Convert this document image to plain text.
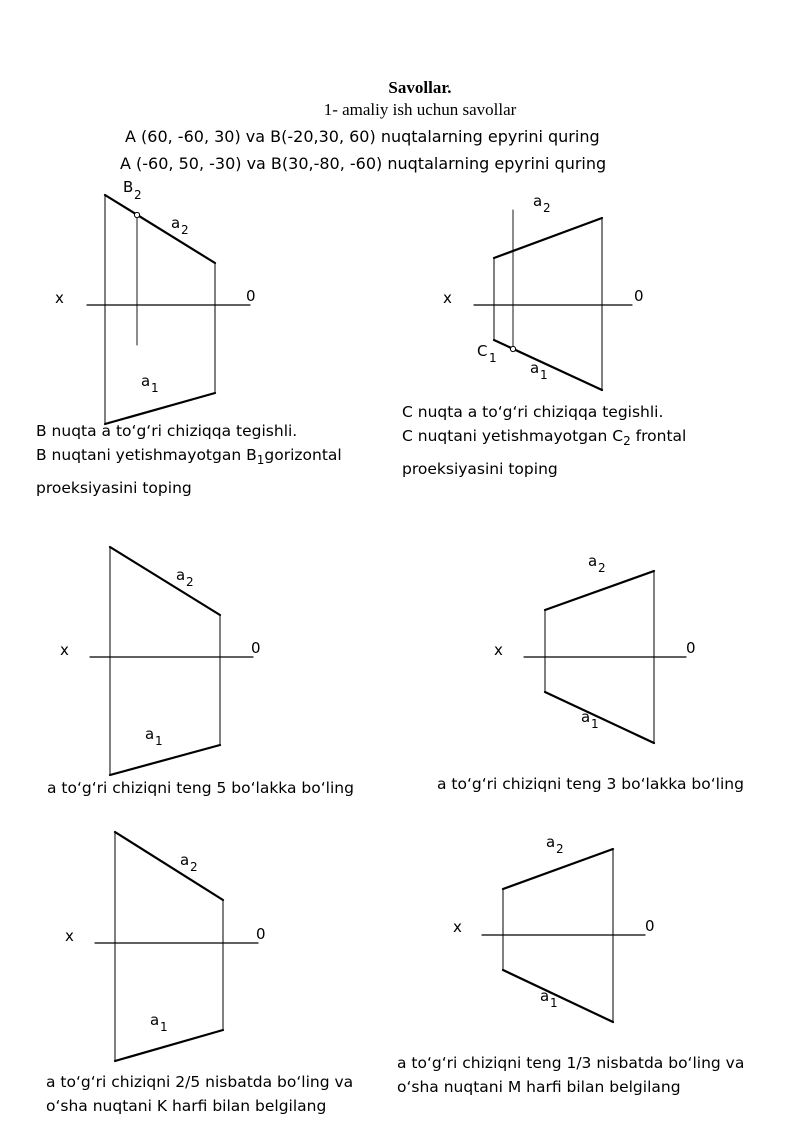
Savollar.
1- amaliy ish uchun savollar
A (60, -60, 30) va B(-20,30, 60) nuqtalarning epyrini quring
A (-60, 50, -30) va B(30,-80, -60) nuqtalarning epyrini quring
x	0
B 2
a 2
a 1
x	0
a 2
C 1
a 1
x	0
a 2
a 1
x	0
a 2
a 1
x	0
a 2
a 1
x	0
a 2
a 1
B nuqta a to‘g‘ri chiziqqa tegishli.
B nuqtani yetishmayotgan $B_1gorizontal$
proeksiyasini toping
C nuqta a to‘g‘ri chiziqqa tegishli.
C nuqtani yetishmayotgan $C_2$ frontal
proeksiyasini toping
a to‘g‘ri chiziqni teng 5 bo‘lakka bo‘ling	a to‘g‘ri chiziqni teng 3 bo‘lakka bo‘ling
a to‘g‘ri chiziqni 2/5 nisbatda bo‘ling va
o‘sha nuqtani K harfi bilan belgilang
a to‘g‘ri chiziqni teng 1/3 nisbatda bo‘ling va
o‘sha nuqtani M harfi bilan belgilang
